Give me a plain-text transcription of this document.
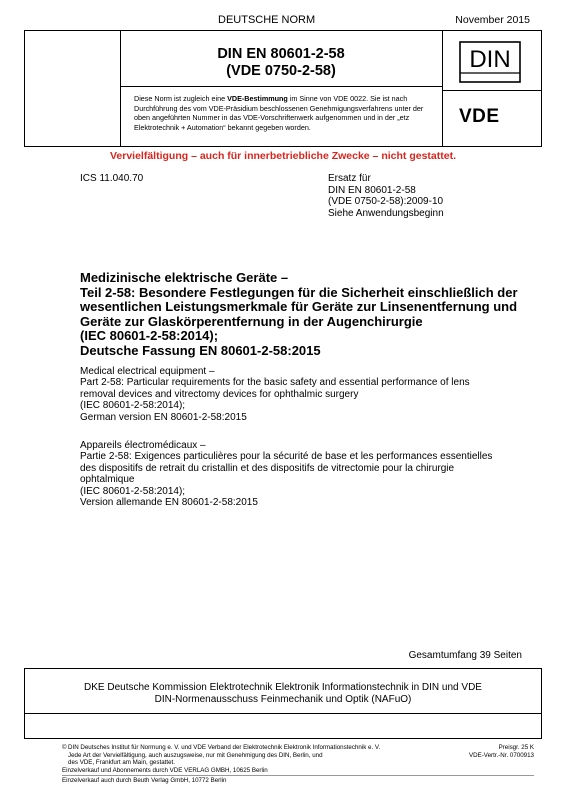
DEUTSCHE NORM	November 2015
DIN EN 80601-2-58
(VDE 0750-2-58)
Diese Norm ist zugleich eine VDE-Bestimmung im Sinne von VDE 0022. Sie ist nach Durchführung des vom VDE-Präsidium beschlossenen Genehmigungsverfahrens unter der oben angeführten Nummer in das VDE-Vorschriftenwerk aufgenommen und in der „etz Elektrotechnik + Automation“ bekannt gegeben worden.
DIN
VDE
Vervielfältigung – auch für innerbetriebliche Zwecke – nicht gestattet.
ICS 11.040.70	Ersatz für
DIN EN 80601-2-58
(VDE 0750-2-58):2009-10
Siehe Anwendungsbeginn
Medizinische elektrische Geräte –
Teil 2-58: Besondere Festlegungen für die Sicherheit einschließlich der
wesentlichen Leistungsmerkmale für Geräte zur Linsenentfernung und
Geräte zur Glaskörperentfernung in der Augenchirurgie
(IEC 80601-2-58:2014);
Deutsche Fassung EN 80601-2-58:2015
Medical electrical equipment –
Part 2-58: Particular requirements for the basic safety and essential performance of lens
removal devices and vitrectomy devices for ophthalmic surgery
(IEC 80601-2-58:2014);
German version EN 80601-2-58:2015
Appareils électromédicaux –
Partie 2-58: Exigences particulières pour la sécurité de base et les performances essentielles
des dispositifs de retrait du cristallin et des dispositifs de vitrectomie pour la chirurgie
ophtalmique
(IEC 80601-2-58:2014);
Version allemande EN 80601-2-58:2015
Gesamtumfang 39 Seiten
DKE Deutsche Kommission Elektrotechnik Elektronik Informationstechnik in DIN und VDE
DIN-Normenausschuss Feinmechanik und Optik (NAFuO)
© DIN Deutsches Institut für Normung e. V. und VDE Verband der Elektrotechnik Elektronik Informationstechnik e. V.
Jede Art der Vervielfältigung, auch auszugsweise, nur mit Genehmigung des DIN, Berlin, und
des VDE, Frankfurt am Main, gestattet.
Preisgr. 25 K
VDE-Vertr.-Nr. 0700913
Einzelverkauf und Abonnements durch VDE VERLAG GMBH, 10625 Berlin
Einzelverkauf auch durch Beuth Verlag GmbH, 10772 Berlin
